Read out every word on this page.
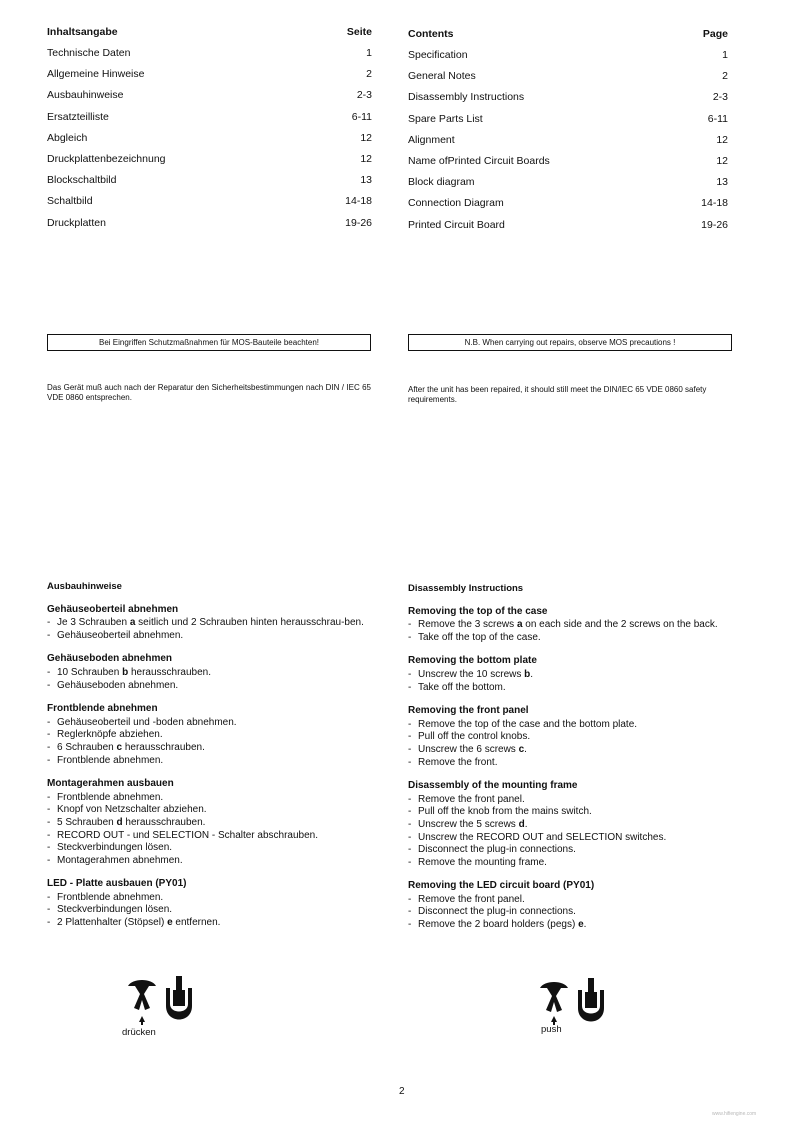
Inhaltsangabe	Seite
Technische Daten	1
Allgemeine Hinweise	2
Ausbauhinweise	2-3
Ersatzteilliste	6-11
Abgleich	12
Druckplattenbezeichnung	12
Blockschaltbild	13
Schaltbild	14-18
Druckplatten	19-26
Contents	Page
Specification	1
General Notes	2
Disassembly Instructions	2-3
Spare Parts List	6-11
Alignment	12
Name ofPrinted Circuit Boards	12
Block diagram	13
Connection Diagram	14-18
Printed Circuit Board	19-26
Bei Eingriffen Schutzmaßnahmen für MOS-Bauteile beachten!	N.B. When carrying out repairs, observe MOS precautions !
Das Gerät muß auch nach der Reparatur den Sicherheitsbestimmungen nach DIN / IEC 65 VDE 0860 entsprechen.
After the unit has been repaired, it should still meet the DIN/IEC 65 VDE 0860 safety requirements.
Ausbauhinweise
Gehäuseoberteil abnehmen
- Je 3 Schrauben a seitlich und 2 Schrauben hinten herausschrau-ben.
- Gehäuseoberteil abnehmen.
Gehäuseboden abnehmen
- 10 Schrauben b herausschrauben.
- Gehäuseboden abnehmen.
Frontblende abnehmen
- Gehäuseoberteil und -boden abnehmen.
- Reglerknöpfe abziehen.
- 6 Schrauben c herausschrauben.
- Frontblende abnehmen.
Montagerahmen ausbauen
- Frontblende abnehmen.
- Knopf von Netzschalter abziehen.
- 5 Schrauben d herausschrauben.
- RECORD OUT - und SELECTION - Schalter abschrauben.
- Steckverbindungen lösen.
- Montagerahmen abnehmen.
LED - Platte ausbauen (PY01)
- Frontblende abnehmen.
- Steckverbindungen lösen.
- 2 Plattenhalter (Stöpsel) e entfernen.
Disassembly Instructions
Removing the top of the case
- Remove the 3 screws a on each side and the 2 screws on the back.
- Take off the top of the case.
Removing the bottom plate
- Unscrew the 10 screws b.
- Take off the bottom.
Removing the front panel
- Remove the top of the case and the bottom plate.
- Pull off the control knobs.
- Unscrew the 6 screws c.
- Remove the front.
Disassembly of the mounting frame
- Remove the front panel.
- Pull off the knob from the mains switch.
- Unscrew the 5 screws d.
- Unscrew the RECORD OUT and SELECTION switches.
- Disconnect the plug-in connections.
- Remove the mounting frame.
Removing the LED circuit board (PY01)
- Remove the front panel.
- Disconnect the plug-in connections.
- Remove the 2 board holders (pegs) e.
drücken	push
2
www.hifiengine.com
